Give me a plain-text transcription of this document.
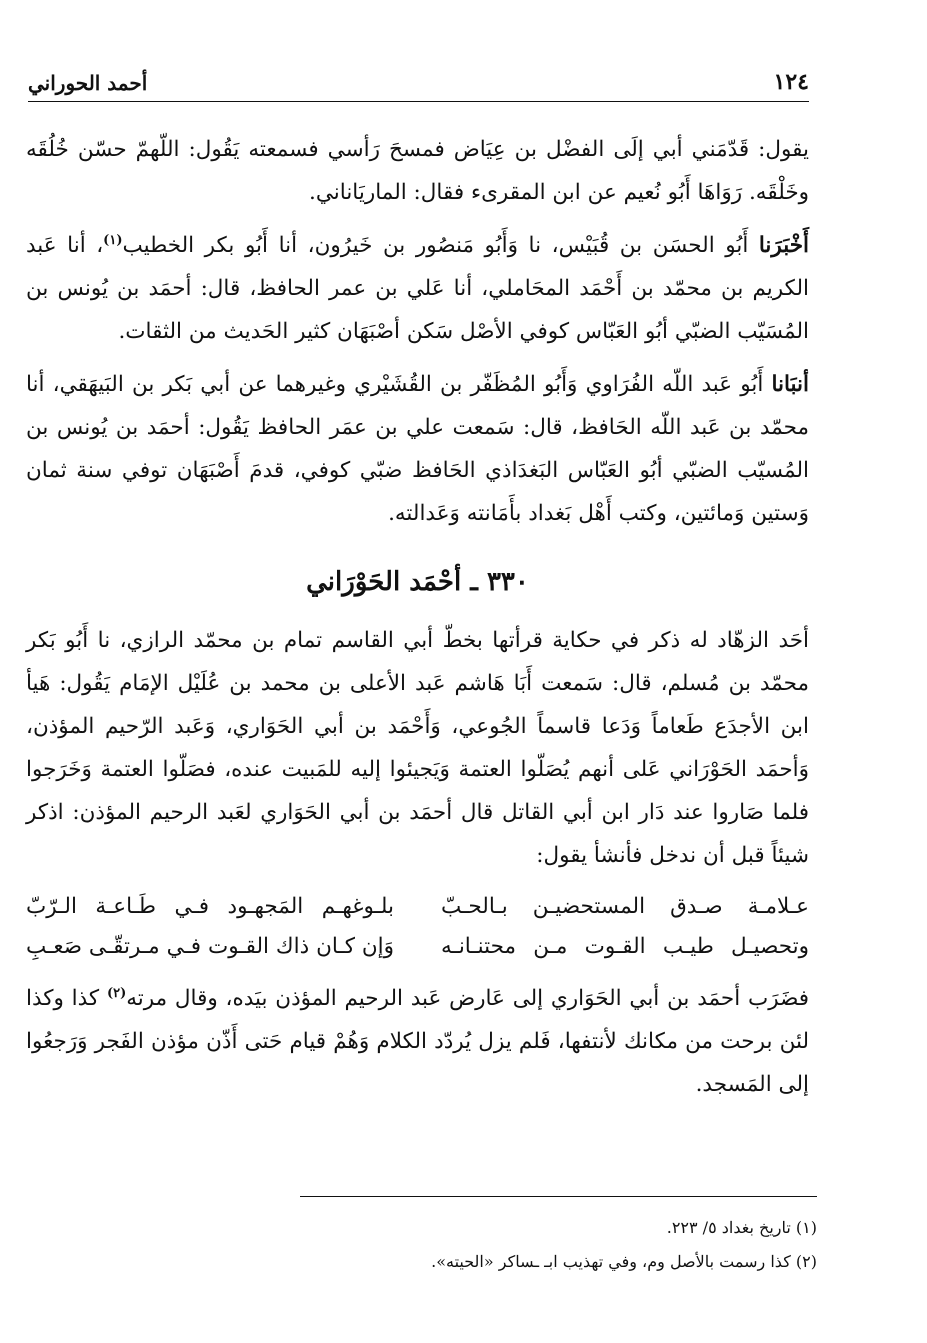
١٢٤
أحمد الحوراني

يقول: قَدّمَني أبي إلَى الفضْل بن عِيَاض فمسحَ رَأسي فسمعته يَقُول: اللّهمّ حسّن خُلُقَه وخَلْقَه. رَوَاهَا أَبُو نُعيم عن ابن المقرىء فقال: الماريَاناني.

أَخْبَرَنا أَبُو الحسَن بن قُبَيْس، نا وَأَبُو مَنصُور بن خَيرُون، أنا أَبُو بكر الخطيب$^{(١)}$، أنا عَبد الكريم بن محمّد بن أَحْمَد المحَاملي، أنا عَلي بن عمر الحافظ، قال: أحمَد بن يُونس بن المُسَيّب الضبّي أبُو العَبّاس كوفي الأصْل سَكن أصْبَهَان كثير الحَديث من الثقات.

أنبَانا أَبُو عَبد اللّه الفُرَاوي وَأَبُو المُظَفّر بن القُشَيْري وغيرهما عن أبي بَكر بن البَيهَقي، أنا محمّد بن عَبد اللّه الحَافظ، قال: سَمعت علي بن عمَر الحافظ يَقُول: أحمَد بن يُونس بن المُسيّب الضبّي أبُو العَبّاس البَغدَاذي الحَافظ ضبّي كوفي، قدمَ أَصْبَهَان توفي سنة ثمان وَستين وَمائتين، وكتب أَهْل بَغداد بأَمَانته وَعَدالته.

٣٣٠ ـ أحْمَد الحَوْرَاني

أحَد الزهّاد له ذكر في حكاية قرأتها بخطّ أبي القاسم تمام بن محمّد الرازي، نا أَبُو بَكر محمّد بن مُسلم، قال: سَمعت أَبَا هَاشم عَبد الأعلى بن محمد بن عُلَيْل الإمَام يَقُول: هَيأ ابن الأجدَع طَعاماً وَدَعا قاسماً الجُوعي، وَأَحْمَد بن أبي الحَوَاري، وَعَبد الرّحيم المؤذن، وَأحمَد الحَوْرَاني عَلى أنهم يُصَلّوا العتمة وَيَجيئوا إليه للمَبيت عنده، فصَلّوا العتمة وَخَرَجوا فلما صَاروا عند دَار ابن أبي القاتل قال أحمَد بن أبي الحَوَاري لعَبد الرحيم المؤذن: اذكر شيئاً قبل أن ندخل فأنشأ يقول:

عـلامـة صـدق المستحضيـن بـالحـبّ
بلـوغهـم المَجهـود فـي طَـاعـة الـرّبّ
وتحصيـل طيـب القـوت مـن محتنـانـه
وَإن كـان ذاك القـوت فـي مـرتقّـى صَعـبِ

فضَرَب أحمَد بن أبي الحَوَاري إلى عَارض عَبد الرحيم المؤذن بيَده، وقال مرته$^{(٢)}$ كذا وكذا لئن برحت من مكانك لأنتفها، فَلم يزل يُردّد الكلام وَهُمْ قيام حَتى أَذّن مؤذن الفَجر وَرَجعُوا إلى المَسجد.

(١) تاريخ بغداد ٥/ ٢٢٣.

(٢) كذا رسمت بالأصل وم، وفي تهذيب ابـ ـساكر «الحيته».
